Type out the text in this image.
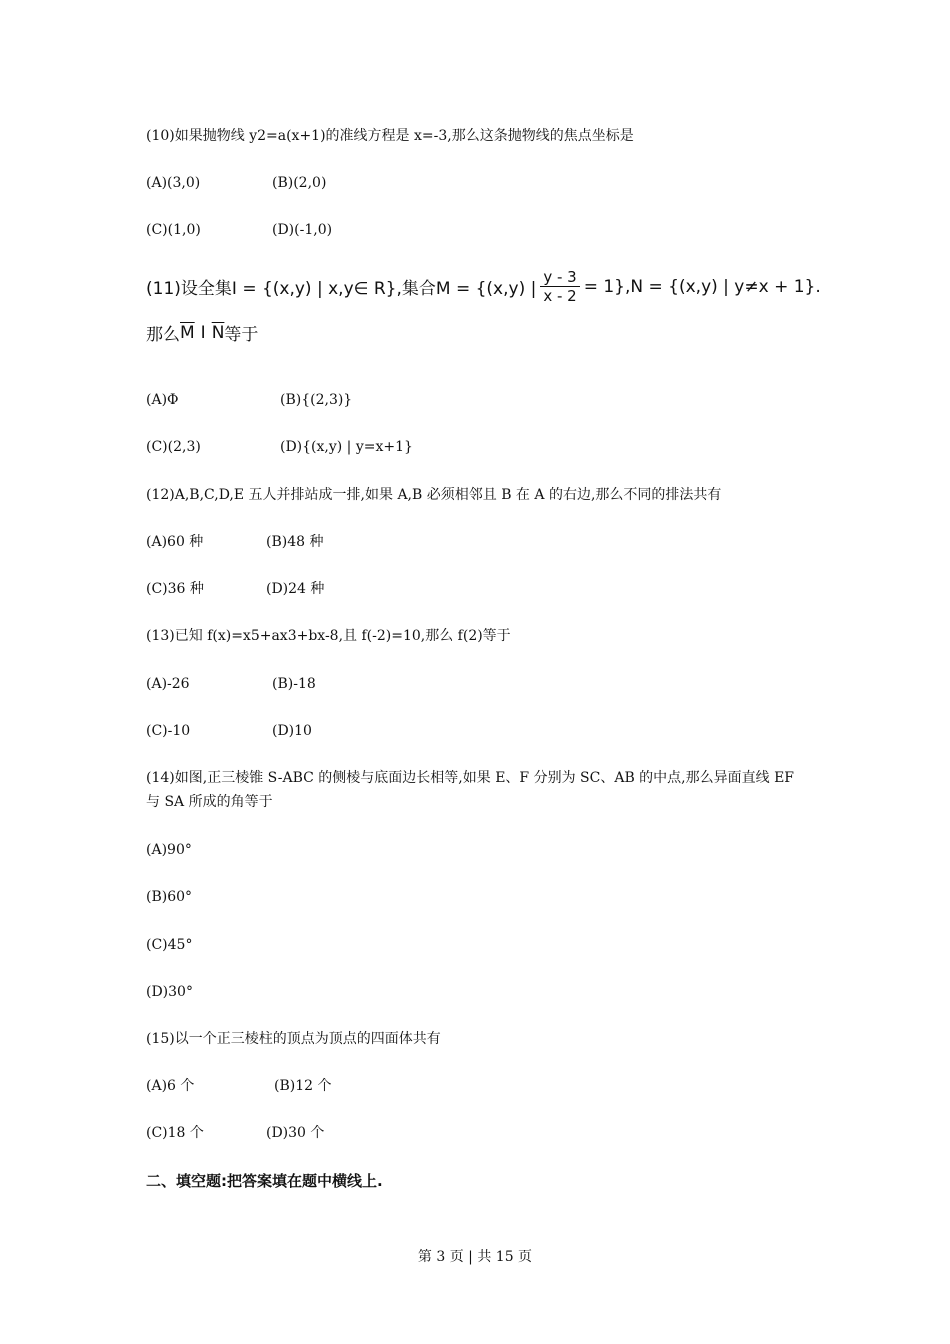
(10)如果抛物线 y2=a(x+1)的准线方程是 x=-3,那么这条抛物线的焦点坐标是
(A)(3,0)	(B)(2,0)
(C)(1,0)	(D)(-1,0)
(11)设全集I = {(x,y) | x,y∈ R},集合M = {(x,y) | $\frac{y - 3}{x - 2} = 1\},N = \{(x,y)$ | y≠x + 1}.
那么 $\overline{M}$ I $\overline{N}$ 等于
(A)Φ	(B){(2,3)}
(C)(2,3)	(D){(x,y) | y=x+1}
(12)A,B,C,D,E 五人并排站成一排,如果 A,B 必须相邻且 B 在 A 的右边,那么不同的排法共有
(A)60 种	(B)48 种
(C)36 种	(D)24 种
(13)已知 f(x)=x5+ax3+bx-8,且 f(-2)=10,那么 f(2)等于
(A)-26	(B)-18
(C)-10	(D)10
(14)如图,正三棱锥 S-ABC 的侧棱与底面边长相等,如果 E、F 分别为 SC、AB 的中点,那么异面直线 EF 与 SA 所成的角等于
(A)90°
(B)60°
(C)45°
(D)30°
(15)以一个正三棱柱的顶点为顶点的四面体共有
(A)6 个	(B)12 个
(C)18 个	(D)30 个
二、填空题:把答案填在题中横线上.
第 3 页 | 共 15 页
